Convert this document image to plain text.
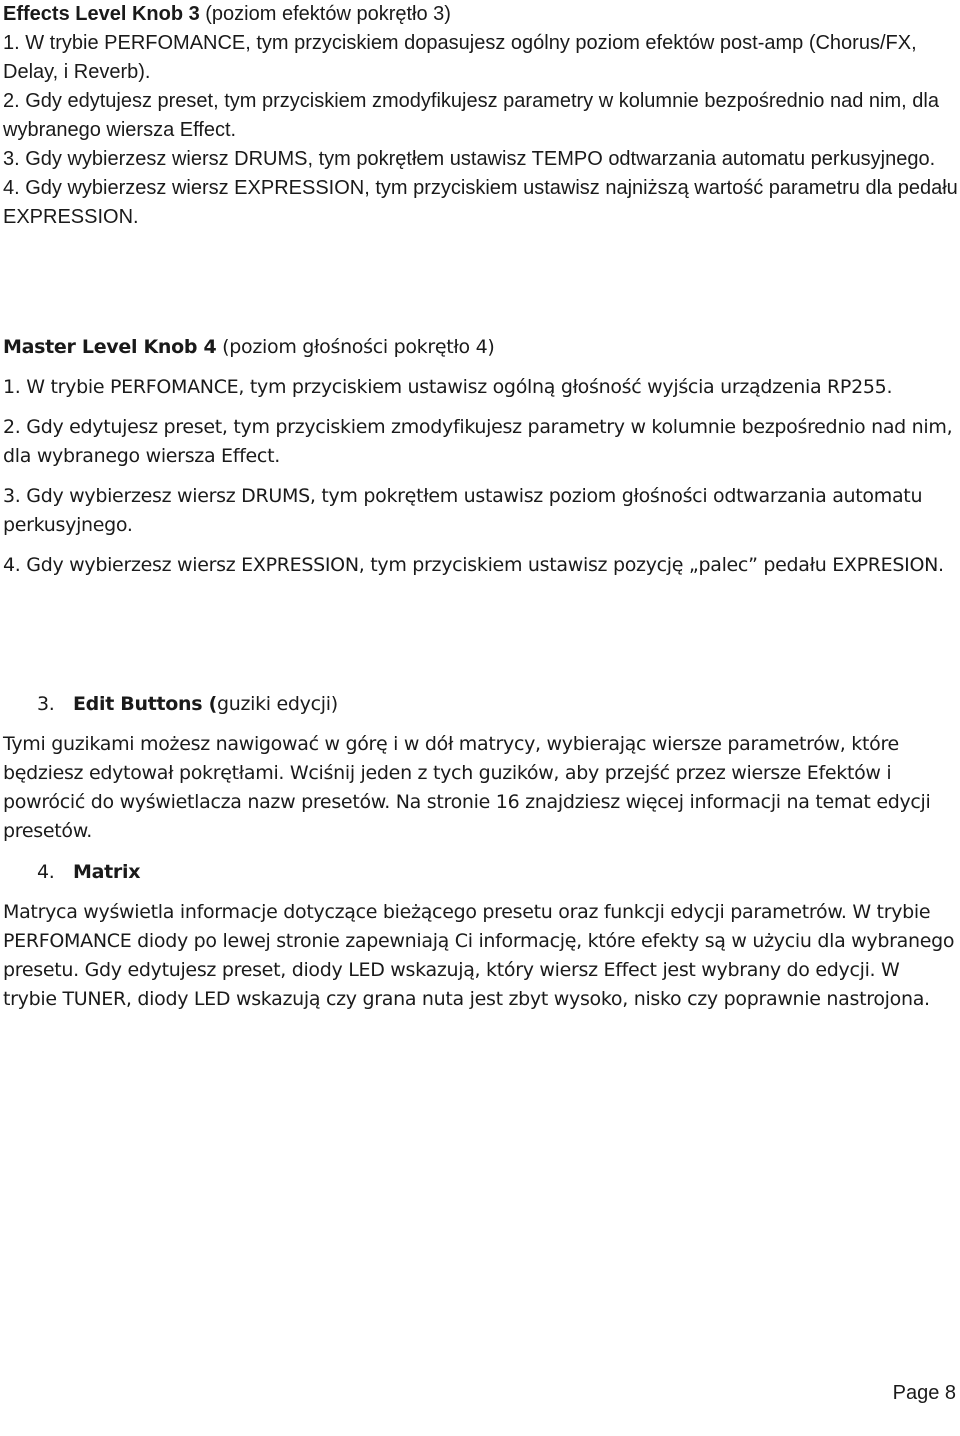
Effects Level Knob 3 (poziom efektów pokrętło 3)

1. W trybie PERFOMANCE, tym przyciskiem dopasujesz ogólny poziom efektów post-amp (Chorus/FX, Delay, i Reverb).

2. Gdy edytujesz preset, tym przyciskiem zmodyfikujesz parametry w kolumnie bezpośrednio nad nim, dla wybranego wiersza Effect.

3. Gdy wybierzesz wiersz DRUMS, tym pokrętłem ustawisz TEMPO odtwarzania automatu perkusyjnego.

4. Gdy wybierzesz wiersz EXPRESSION, tym przyciskiem ustawisz najniższą wartość parametru dla pedału EXPRESSION.

Master Level Knob 4 (poziom głośności pokrętło 4)

1. W trybie PERFOMANCE, tym przyciskiem ustawisz ogólną głośność wyjścia urządzenia RP255.

2. Gdy edytujesz preset, tym przyciskiem zmodyfikujesz parametry w kolumnie bezpośrednio nad nim, dla wybranego wiersza Effect.

3. Gdy wybierzesz wiersz DRUMS, tym pokrętłem ustawisz poziom głośności odtwarzania automatu perkusyjnego.

4. Gdy wybierzesz wiersz EXPRESSION, tym przyciskiem ustawisz pozycję „palec” pedału EXPRESION.

3. Edit Buttons (guziki edycji)

Tymi guzikami możesz nawigować w górę i w dół matrycy, wybierając wiersze parametrów, które będziesz edytował pokrętłami. Wciśnij jeden z tych guzików, aby przejść przez wiersze Efektów i powrócić do wyświetlacza nazw presetów. Na stronie 16 znajdziesz więcej informacji na temat edycji presetów.

4. Matrix

Matryca wyświetla informacje dotyczące bieżącego presetu oraz funkcji edycji parametrów. W trybie PERFOMANCE diody po lewej stronie zapewniają Ci informację, które efekty są w użyciu dla wybranego presetu. Gdy edytujesz preset, diody LED wskazują, który wiersz Effect jest wybrany do edycji. W trybie TUNER, diody LED wskazują czy grana nuta jest zbyt wysoko, nisko czy poprawnie nastrojona.

Page 8
